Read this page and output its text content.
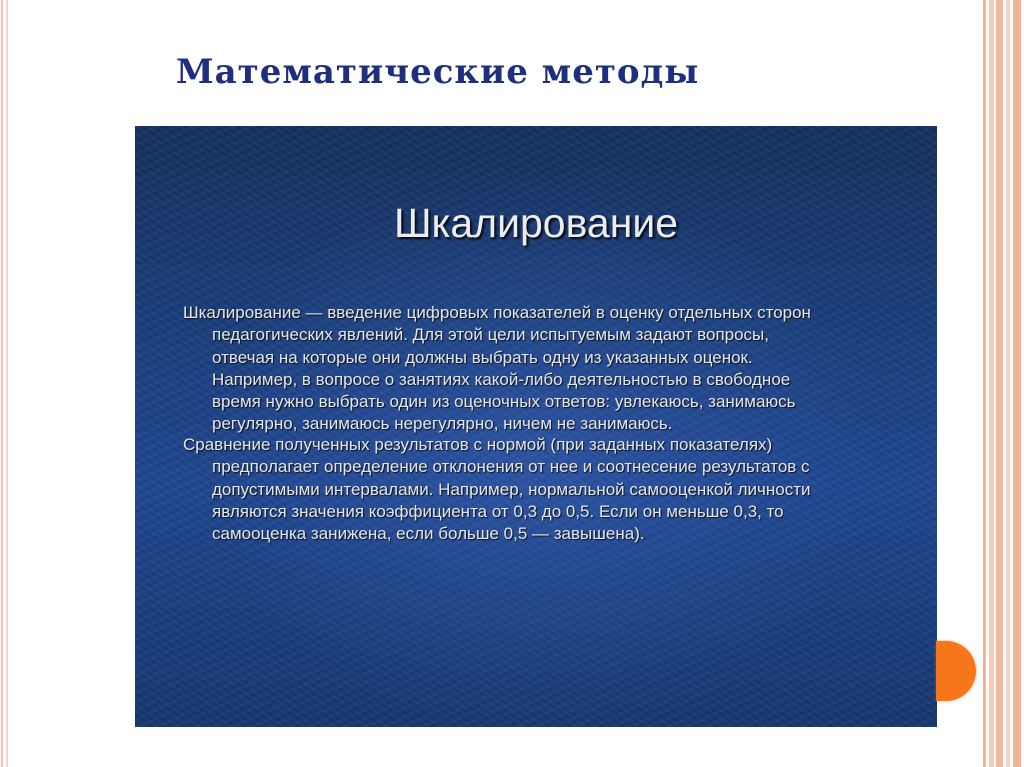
Математические методы
Шкалирование

Шкалирование — введение цифровых показателей в оценку отдельных сторон
педагогических явлений. Для этой цели испытуемым задают вопросы,
отвечая на которые они должны выбрать одну из указанных оценок.
Например, в вопросе о занятиях какой-либо деятельностью в свободное
время нужно выбрать один из оценочных ответов: увлекаюсь, занимаюсь
регулярно, занимаюсь нерегулярно, ничем не занимаюсь.

Сравнение полученных результатов с нормой (при заданных показателях)
предполагает определение отклонения от нее и соотнесение результатов с
допустимыми интервалами. Например, нормальной самооценкой личности
являются значения коэффициента от 0,3 до 0,5. Если он меньше 0,3, то
самооценка занижена, если больше 0,5 — завышена).
